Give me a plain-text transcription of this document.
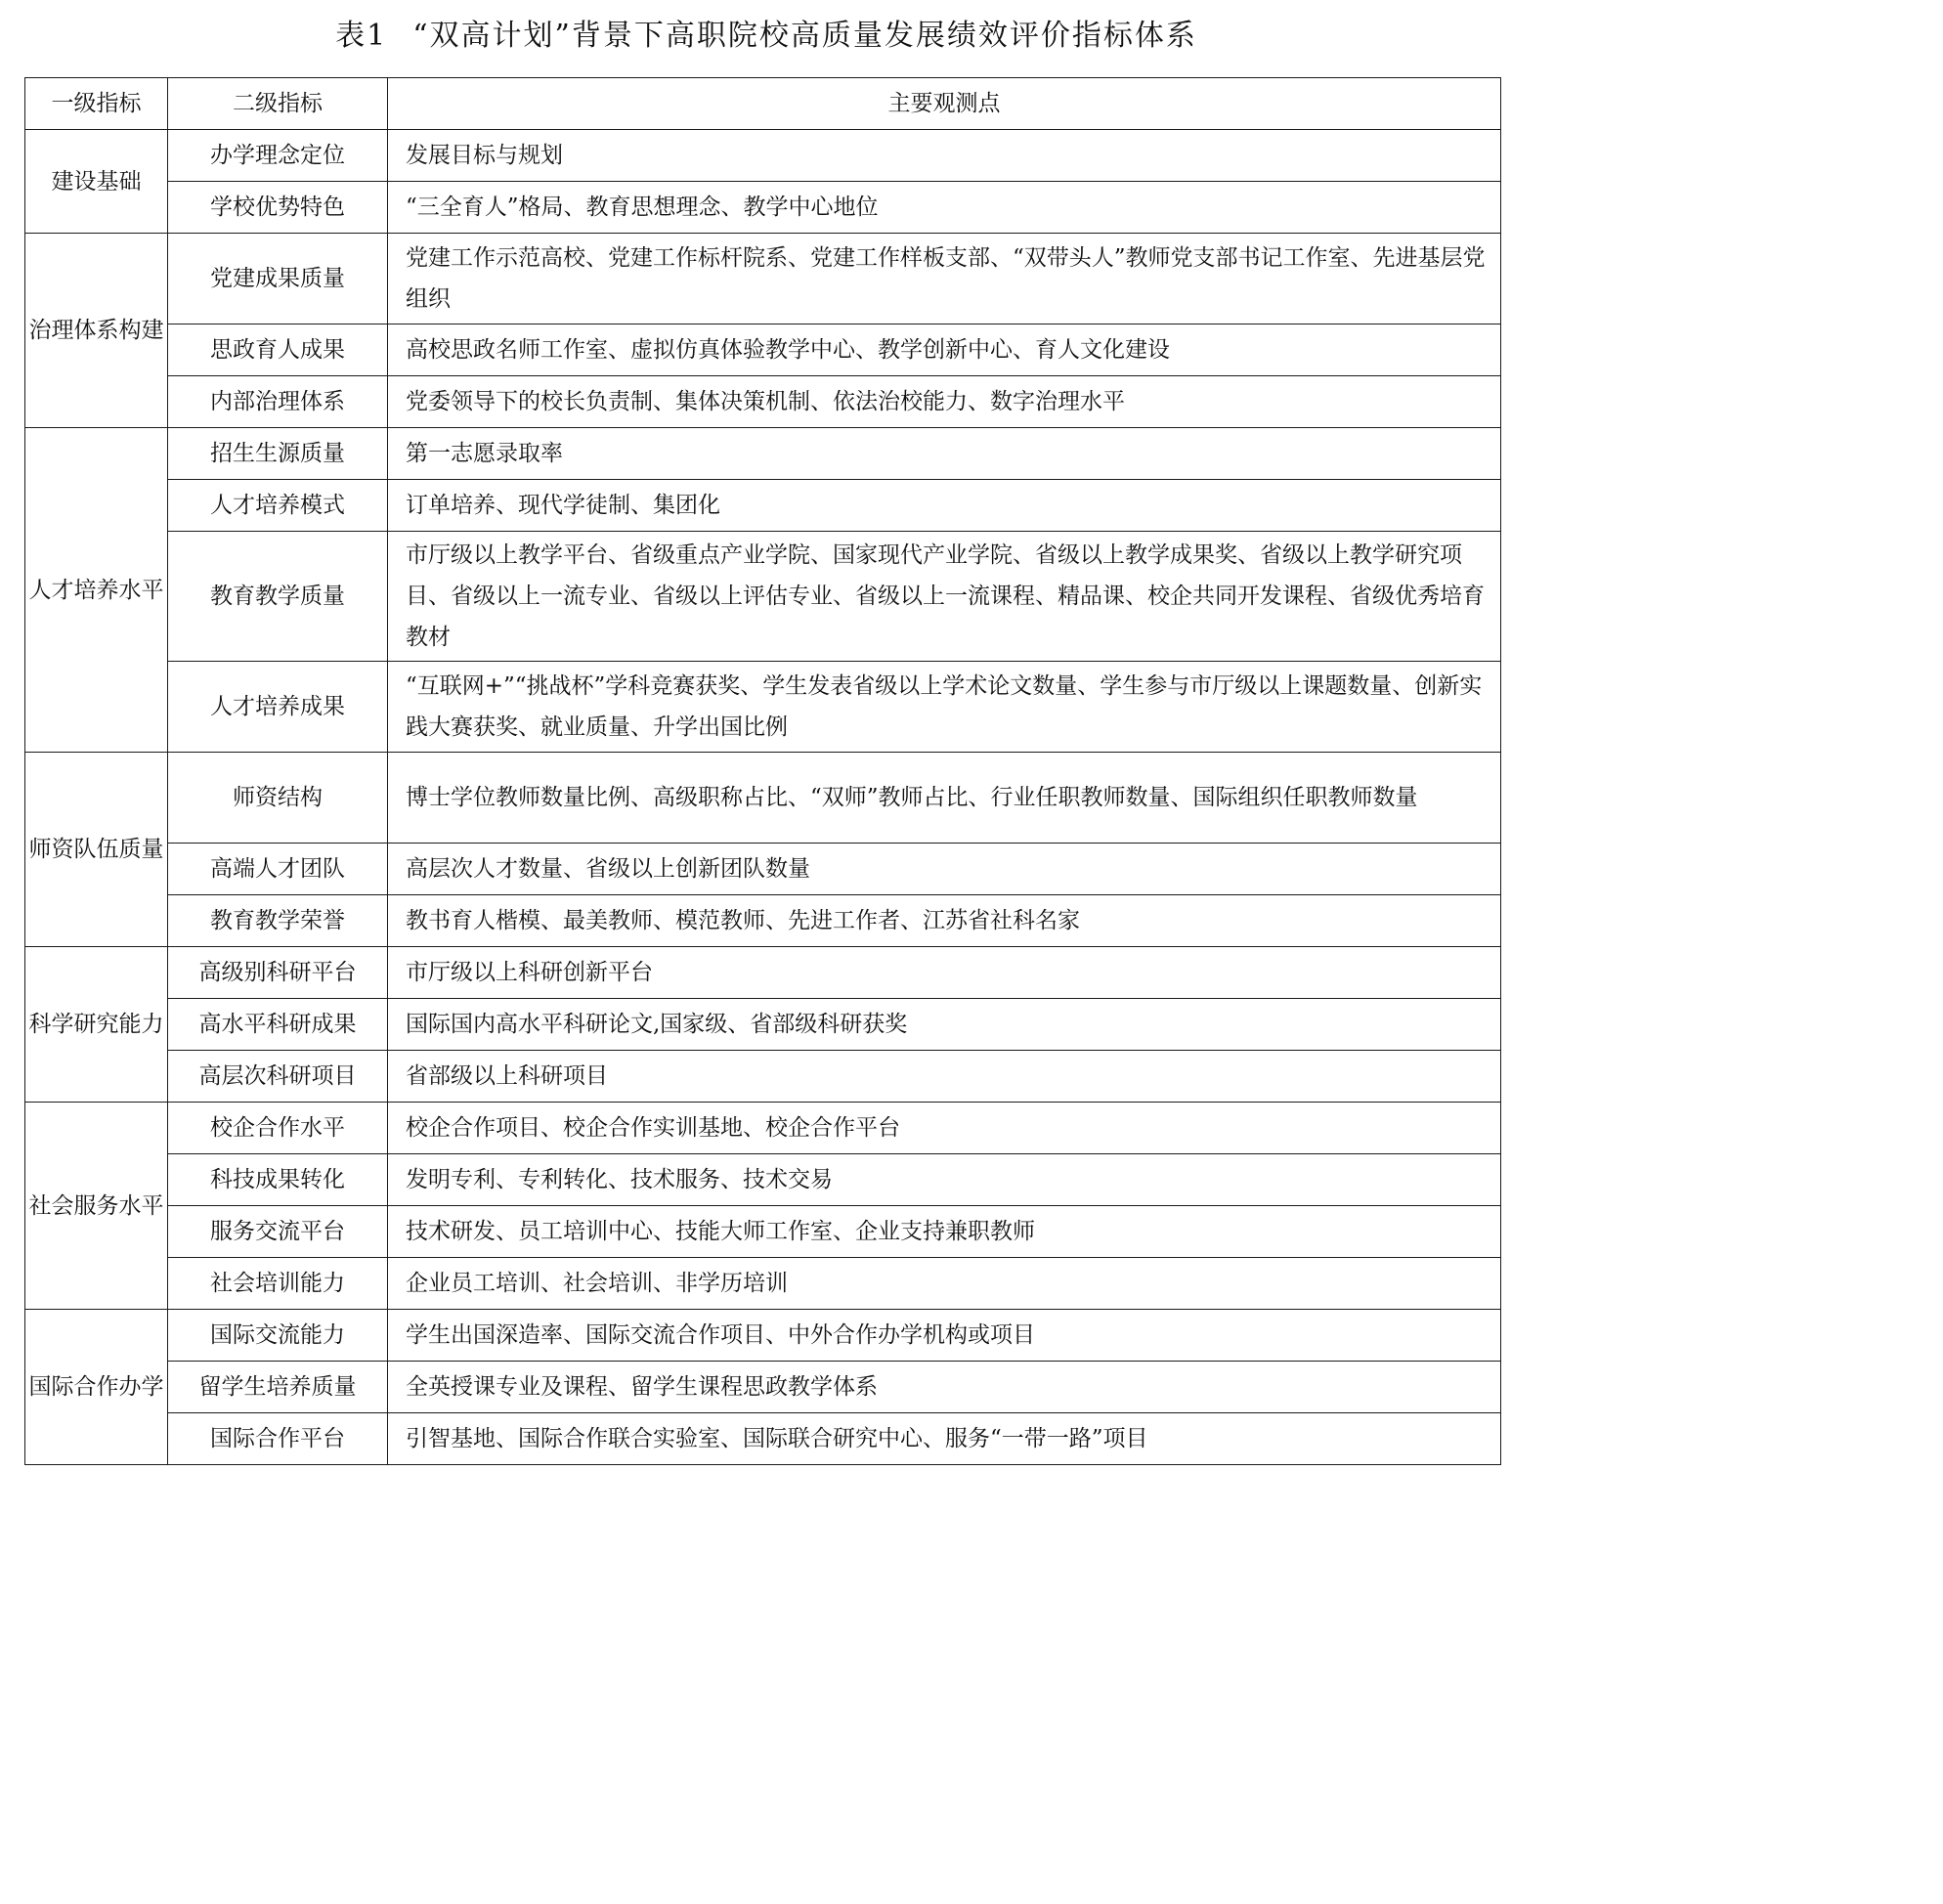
表1 “双高计划”背景下高职院校高质量发展绩效评价指标体系
一级指标	二级指标	主要观测点
建设基础	办学理念定位	发展目标与规划
	学校优势特色	“三全育人”格局、教育思想理念、教学中心地位
治理体系构建	党建成果质量	党建工作示范高校、党建工作标杆院系、党建工作样板支部、“双带头人”教师党支部书记工作室、先进基层党组织
	思政育人成果	高校思政名师工作室、虚拟仿真体验教学中心、教学创新中心、育人文化建设
	内部治理体系	党委领导下的校长负责制、集体决策机制、依法治校能力、数字治理水平
人才培养水平	招生生源质量	第一志愿录取率
	人才培养模式	订单培养、现代学徒制、集团化
	教育教学质量	市厅级以上教学平台、省级重点产业学院、国家现代产业学院、省级以上教学成果奖、省级以上教学研究项目、省级以上一流专业、省级以上评估专业、省级以上一流课程、精品课、校企共同开发课程、省级优秀培育教材
	人才培养成果	“互联网+”“挑战杯”学科竞赛获奖、学生发表省级以上学术论文数量、学生参与市厅级以上课题数量、创新实践大赛获奖、就业质量、升学出国比例
师资队伍质量	师资结构	博士学位教师数量比例、高级职称占比、“双师”教师占比、行业任职教师数量、国际组织任职教师数量
	高端人才团队	高层次人才数量、省级以上创新团队数量
	教育教学荣誉	教书育人楷模、最美教师、模范教师、先进工作者、江苏省社科名家
科学研究能力	高级别科研平台	市厅级以上科研创新平台
	高水平科研成果	国际国内高水平科研论文,国家级、省部级科研获奖
	高层次科研项目	省部级以上科研项目
社会服务水平	校企合作水平	校企合作项目、校企合作实训基地、校企合作平台
	科技成果转化	发明专利、专利转化、技术服务、技术交易
	服务交流平台	技术研发、员工培训中心、技能大师工作室、企业支持兼职教师
	社会培训能力	企业员工培训、社会培训、非学历培训
国际合作办学	国际交流能力	学生出国深造率、国际交流合作项目、中外合作办学机构或项目
	留学生培养质量	全英授课专业及课程、留学生课程思政教学体系
	国际合作平台	引智基地、国际合作联合实验室、国际联合研究中心、服务“一带一路”项目
